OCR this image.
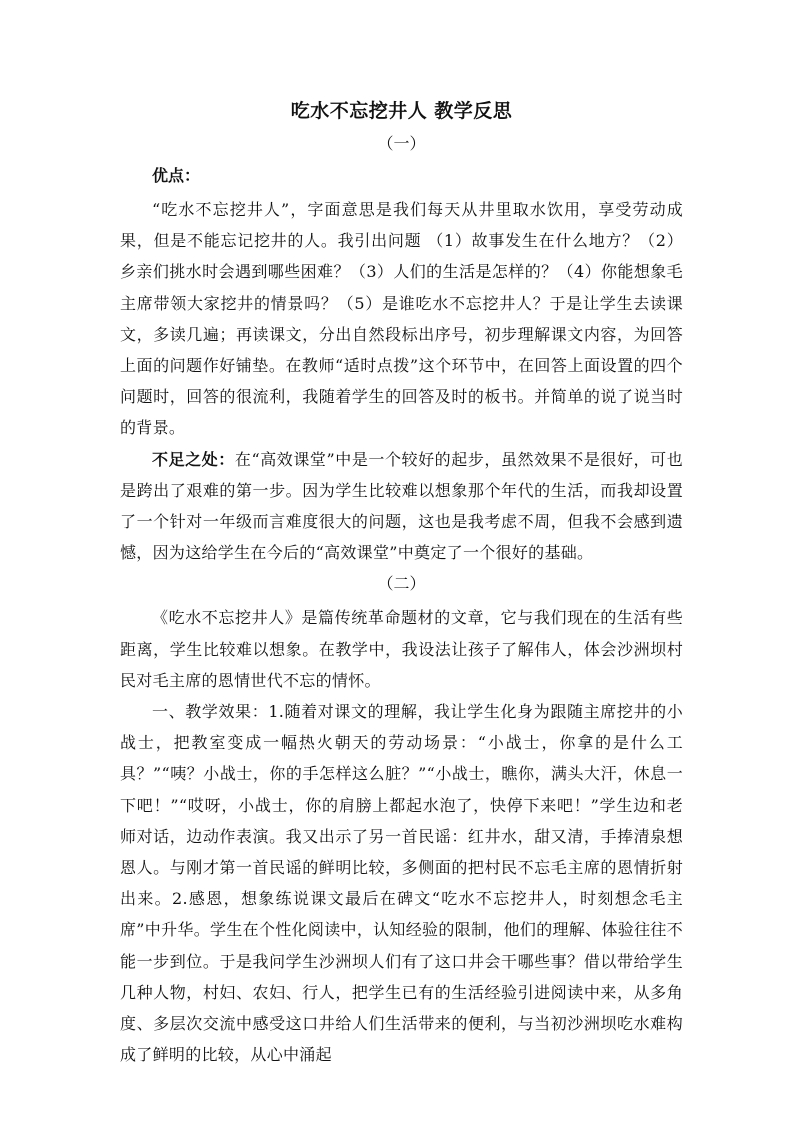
吃水不忘挖井人 教学反思
（一）
优点：

“吃水不忘挖井人”，字面意思是我们每天从井里取水饮用，享受劳动成果，但是不能忘记挖井的人。我引出问题 （1）故事发生在什么地方？（2）乡亲们挑水时会遇到哪些困难？（3）人们的生活是怎样的？（4）你能想象毛主席带领大家挖井的情景吗？（5）是谁吃水不忘挖井人？于是让学生去读课文，多读几遍；再读课文，分出自然段标出序号，初步理解课文内容，为回答上面的问题作好铺垫。在教师“适时点拨”这个环节中，在回答上面设置的四个问题时，回答的很流利，我随着学生的回答及时的板书。并简单的说了说当时的背景。

不足之处：在“高效课堂”中是一个较好的起步，虽然效果不是很好，可也是跨出了艰难的第一步。因为学生比较难以想象那个年代的生活，而我却设置了一个针对一年级而言难度很大的问题，这也是我考虑不周，但我不会感到遗憾，因为这给学生在今后的“高效课堂”中奠定了一个很好的基础。

（二）

《吃水不忘挖井人》是篇传统革命题材的文章，它与我们现在的生活有些距离，学生比较难以想象。在教学中，我设法让孩子了解伟人，体会沙洲坝村民对毛主席的恩情世代不忘的情怀。

一、教学效果：1.随着对课文的理解，我让学生化身为跟随主席挖井的小战士，把教室变成一幅热火朝天的劳动场景：“小战士，你拿的是什么工具？”“咦？小战士，你的手怎样这么脏？”“小战士，瞧你，满头大汗，休息一下吧！”“哎呀，小战士，你的肩膀上都起水泡了，快停下来吧！”学生边和老师对话，边动作表演。我又出示了另一首民谣：红井水，甜又清，手捧清泉想恩人。与刚才第一首民谣的鲜明比较，多侧面的把村民不忘毛主席的恩情折射出来。2.感恩，想象练说课文最后在碑文“吃水不忘挖井人，时刻想念毛主席”中升华。学生在个性化阅读中，认知经验的限制，他们的理解、体验往往不能一步到位。于是我问学生沙洲坝人们有了这口井会干哪些事？借以带给学生几种人物，村妇、农妇、行人，把学生已有的生活经验引进阅读中来，从多角度、多层次交流中感受这口井给人们生活带来的便利，与当初沙洲坝吃水难构成了鲜明的比较，从心中涌起
